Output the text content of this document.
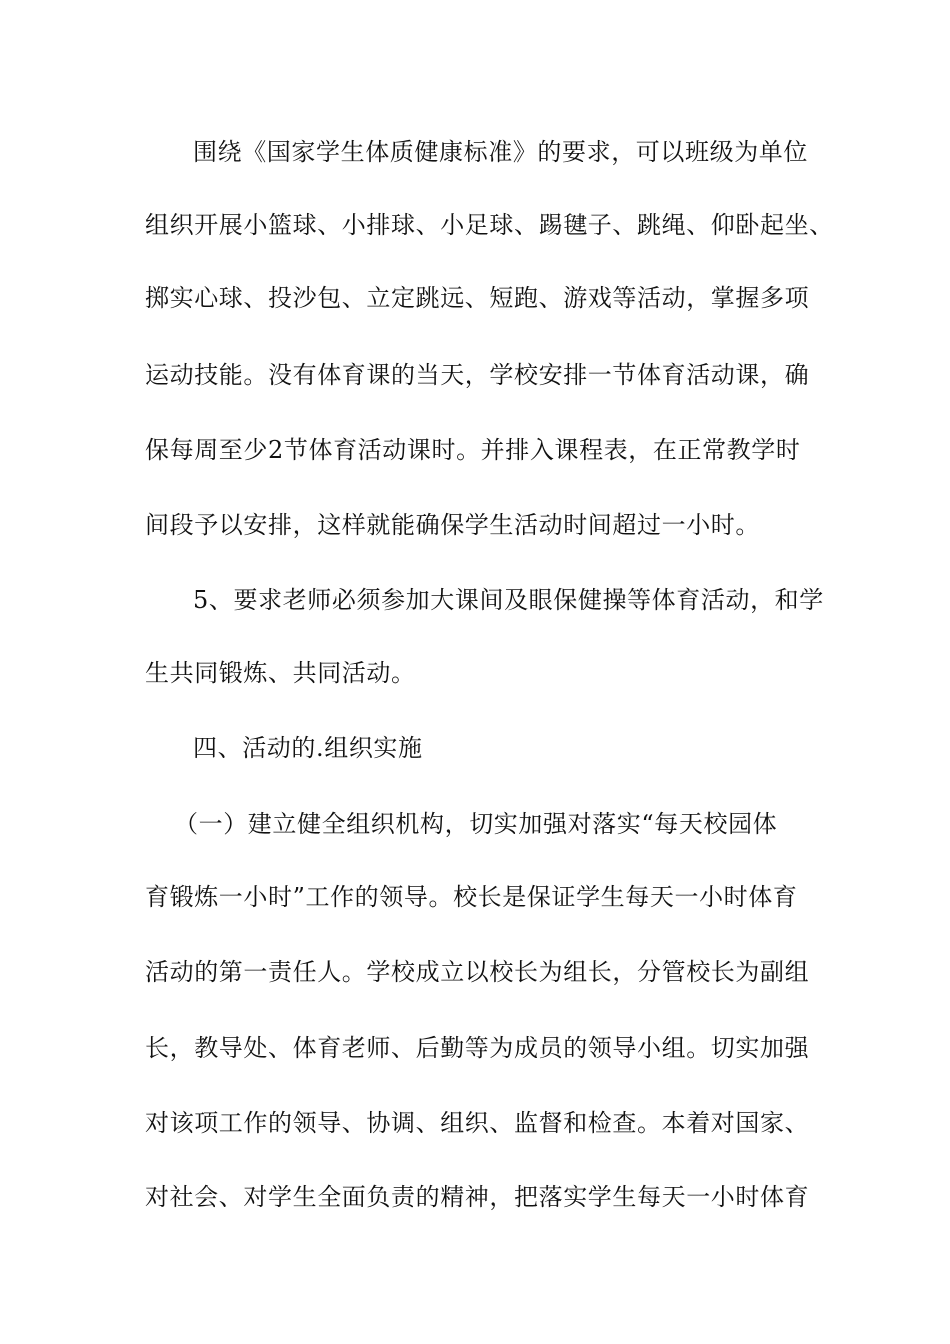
围绕《国家学生体质健康标准》的要求，可以班级为单位
组织开展小篮球、小排球、小足球、踢毽子、跳绳、仰卧起坐、
掷实心球、投沙包、立定跳远、短跑、游戏等活动，掌握多项
运动技能。没有体育课的当天，学校安排一节体育活动课，确
保每周至少2节体育活动课时。并排入课程表，在正常教学时
间段予以安排，这样就能确保学生活动时间超过一小时。
5、要求老师必须参加大课间及眼保健操等体育活动，和学
生共同锻炼、共同活动。
四、活动的.组织实施
（一）建立健全组织机构，切实加强对落实“每天校园体
育锻炼一小时”工作的领导。校长是保证学生每天一小时体育
活动的第一责任人。学校成立以校长为组长，分管校长为副组
长，教导处、体育老师、后勤等为成员的领导小组。切实加强
对该项工作的领导、协调、组织、监督和检查。本着对国家、
对社会、对学生全面负责的精神，把落实学生每天一小时体育
